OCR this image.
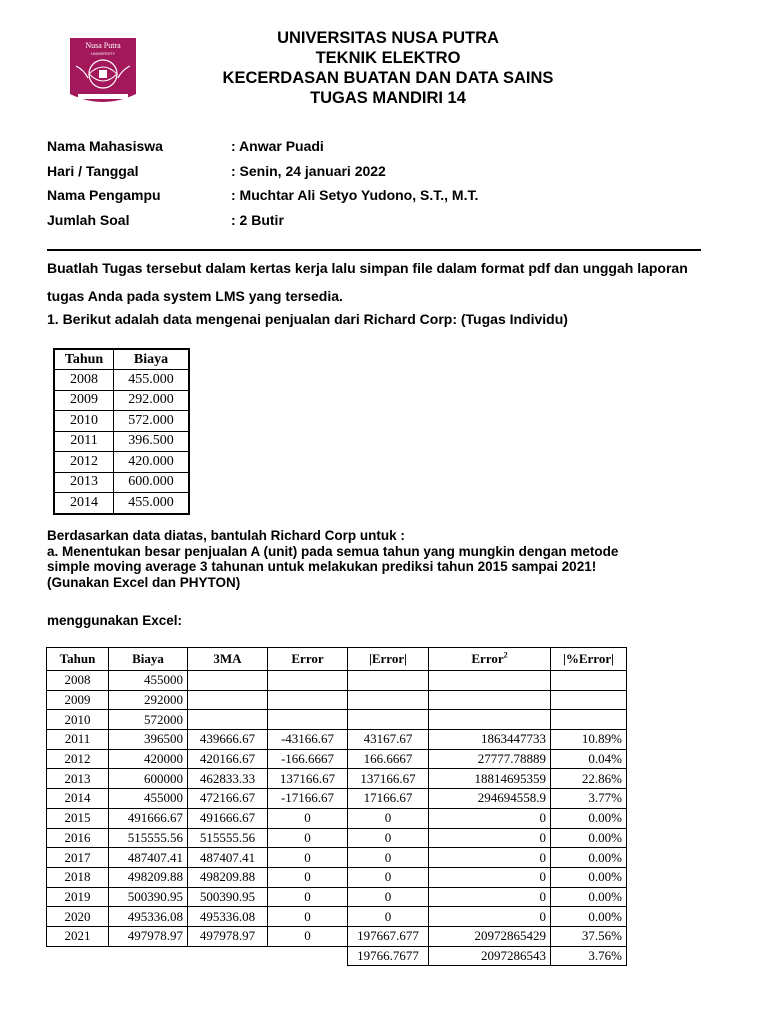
Nusa Putra
UNIVERSITY
UNIVERSITAS NUSA PUTRA
TEKNIK ELEKTRO
KECERDASAN BUATAN DAN DATA SAINS
TUGAS MANDIRI 14
Nama Mahasiswa	: Anwar Puadi
Hari / Tanggal	: Senin, 24 januari 2022
Nama Pengampu	: Muchtar Ali Setyo Yudono, S.T., M.T.
Jumlah Soal	: 2 Butir
Buatlah Tugas tersebut dalam kertas kerja lalu simpan file dalam format pdf dan unggah laporan tugas Anda pada system LMS yang tersedia.
1. Berikut adalah data mengenai penjualan dari Richard Corp: (Tugas Individu)
Tahun	Biaya
2008	455.000
2009	292.000
2010	572.000
2011	396.500
2012	420.000
2013	600.000
2014	455.000
Berdasarkan data diatas, bantulah Richard Corp untuk :
a. Menentukan besar penjualan A (unit) pada semua tahun yang mungkin dengan metode
simple moving average 3 tahunan untuk melakukan prediksi tahun 2015 sampai 2021!
(Gunakan Excel dan PHYTON)
menggunakan Excel:
Tahun	Biaya	3MA	Error	|Error|	Error$^2$	|%Error|
2008	455000					
2009	292000					
2010	572000					
2011	396500	439666.67	-43166.67	43167.67	1863447733	10.89%
2012	420000	420166.67	-166.6667	166.6667	27777.78889	0.04%
2013	600000	462833.33	137166.67	137166.67	18814695359	22.86%
2014	455000	472166.67	-17166.67	17166.67	294694558.9	3.77%
2015	491666.67	491666.67	0	0	0	0.00%
2016	515555.56	515555.56	0	0	0	0.00%
2017	487407.41	487407.41	0	0	0	0.00%
2018	498209.88	498209.88	0	0	0	0.00%
2019	500390.95	500390.95	0	0	0	0.00%
2020	495336.08	495336.08	0	0	0	0.00%
2021	497978.97	497978.97	0	197667.677	20972865429	37.56%
				19766.7677	2097286543	3.76%
